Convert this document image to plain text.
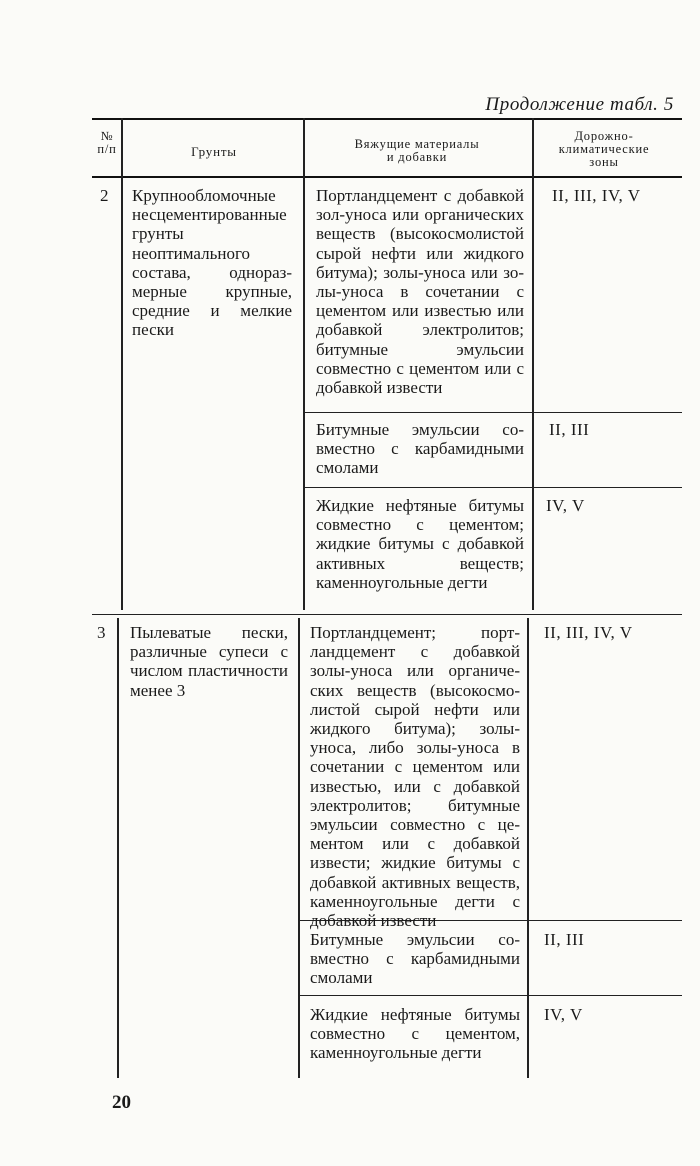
Продолжение табл. 5
№
п/п	Грунты	Вяжущие материалы
и добавки
Дорожно-
климатические
зоны
2 Крупнообломочные несцементированные грунты неоптимального состава, одноразмерные крупные, средние и мелкие пески
Портландцемент с добавкой зол-уноса или органических веществ (высокосмолистой сырой нефти или жидкого битума); золы-уноса или золы-уноса в сочетании с цементом или известью или добавкой электролитов; битумные эмульсии совместно с цементом или с добавкой извести
II, III, IV, V
Битумные эмульсии совместно с карбамидными смолами
II, III
Жидкие нефтяные битумы совместно с цементом; жидкие битумы с добавкой активных веществ; каменноугольные дегти
IV, V
3 Пылеватые пески, различные супеси с числом пластичности менее 3
Портландцемент; портландцемент с добавкой золы-уноса или органических веществ (высокосмолистой сырой нефти или жидкого битума); золы-уноса, либо золы-уноса в сочетании с цементом или известью, или с добавкой электролитов; битумные эмульсии совместно с цементом или с добавкой извести; жидкие битумы с добавкой активных веществ, каменноугольные дегти с добавкой извести
II, III, IV, V
Битумные эмульсии совместно с карбамидными смолами
II, III
Жидкие нефтяные битумы совместно с цементом, каменноугольные дегти
IV, V
20
